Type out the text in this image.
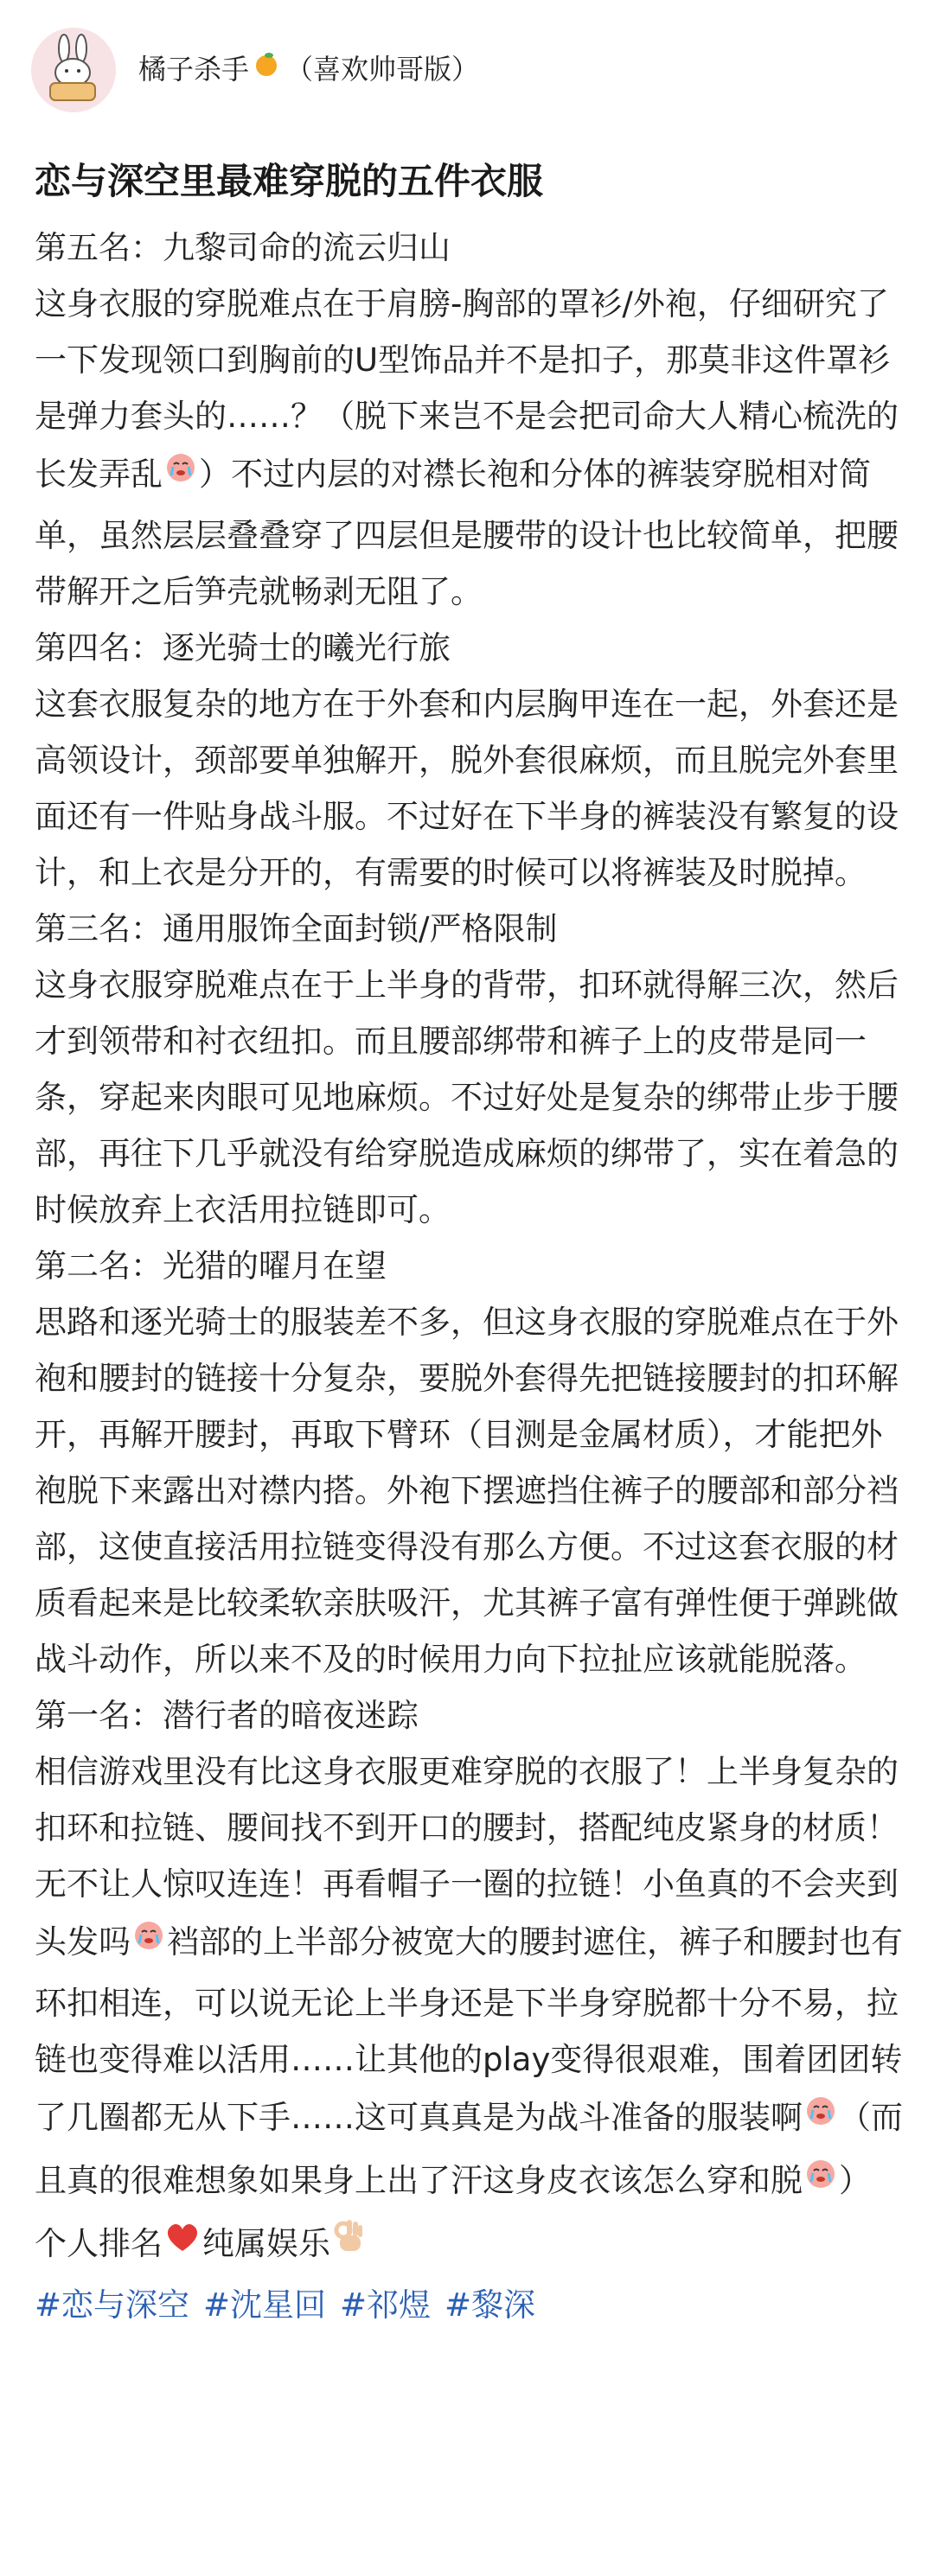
橘子杀手 （喜欢帅哥版）
恋与深空里最难穿脱的五件衣服

第五名：九黎司命的流云归山

这身衣服的穿脱难点在于肩膀-胸部的罩衫/外袍，仔细研究了一下发现领口到胸前的U型饰品并不是扣子，那莫非这件罩衫是弹力套头的……？（脱下来岂不是会把司命大人精心梳洗的长发弄乱 ）不过内层的对襟长袍和分体的裤装穿脱相对简单，虽然层层叠叠穿了四层但是腰带的设计也比较简单，把腰带解开之后笋壳就畅剥无阻了。

第四名：逐光骑士的曦光行旅

这套衣服复杂的地方在于外套和内层胸甲连在一起，外套还是高领设计，颈部要单独解开，脱外套很麻烦，而且脱完外套里面还有一件贴身战斗服。不过好在下半身的裤装没有繁复的设计，和上衣是分开的，有需要的时候可以将裤装及时脱掉。

第三名：通用服饰全面封锁/严格限制

这身衣服穿脱难点在于上半身的背带，扣环就得解三次，然后才到领带和衬衣纽扣。而且腰部绑带和裤子上的皮带是同一条，穿起来肉眼可见地麻烦。不过好处是复杂的绑带止步于腰部，再往下几乎就没有给穿脱造成麻烦的绑带了，实在着急的时候放弃上衣活用拉链即可。

第二名：光猎的曜月在望

思路和逐光骑士的服装差不多，但这身衣服的穿脱难点在于外袍和腰封的链接十分复杂，要脱外套得先把链接腰封的扣环解开，再解开腰封，再取下臂环（目测是金属材质），才能把外袍脱下来露出对襟内搭。外袍下摆遮挡住裤子的腰部和部分裆部，这使直接活用拉链变得没有那么方便。不过这套衣服的材质看起来是比较柔软亲肤吸汗，尤其裤子富有弹性便于弹跳做战斗动作，所以来不及的时候用力向下拉扯应该就能脱落。

第一名：潜行者的暗夜迷踪

相信游戏里没有比这身衣服更难穿脱的衣服了！上半身复杂的扣环和拉链、腰间找不到开口的腰封，搭配纯皮紧身的材质！无不让人惊叹连连！再看帽子一圈的拉链！小鱼真的不会夹到头发吗 裆部的上半部分被宽大的腰封遮住，裤子和腰封也有环扣相连，可以说无论上半身还是下半身穿脱都十分不易，拉链也变得难以活用……让其他的play变得很艰难，围着团团转了几圈都无从下手……这可真真是为战斗准备的服装啊 （而且真的很难想象如果身上出了汗这身皮衣该怎么穿和脱 ）

个人排名 纯属娱乐

#恋与深空 #沈星回 #祁煜 #黎深
